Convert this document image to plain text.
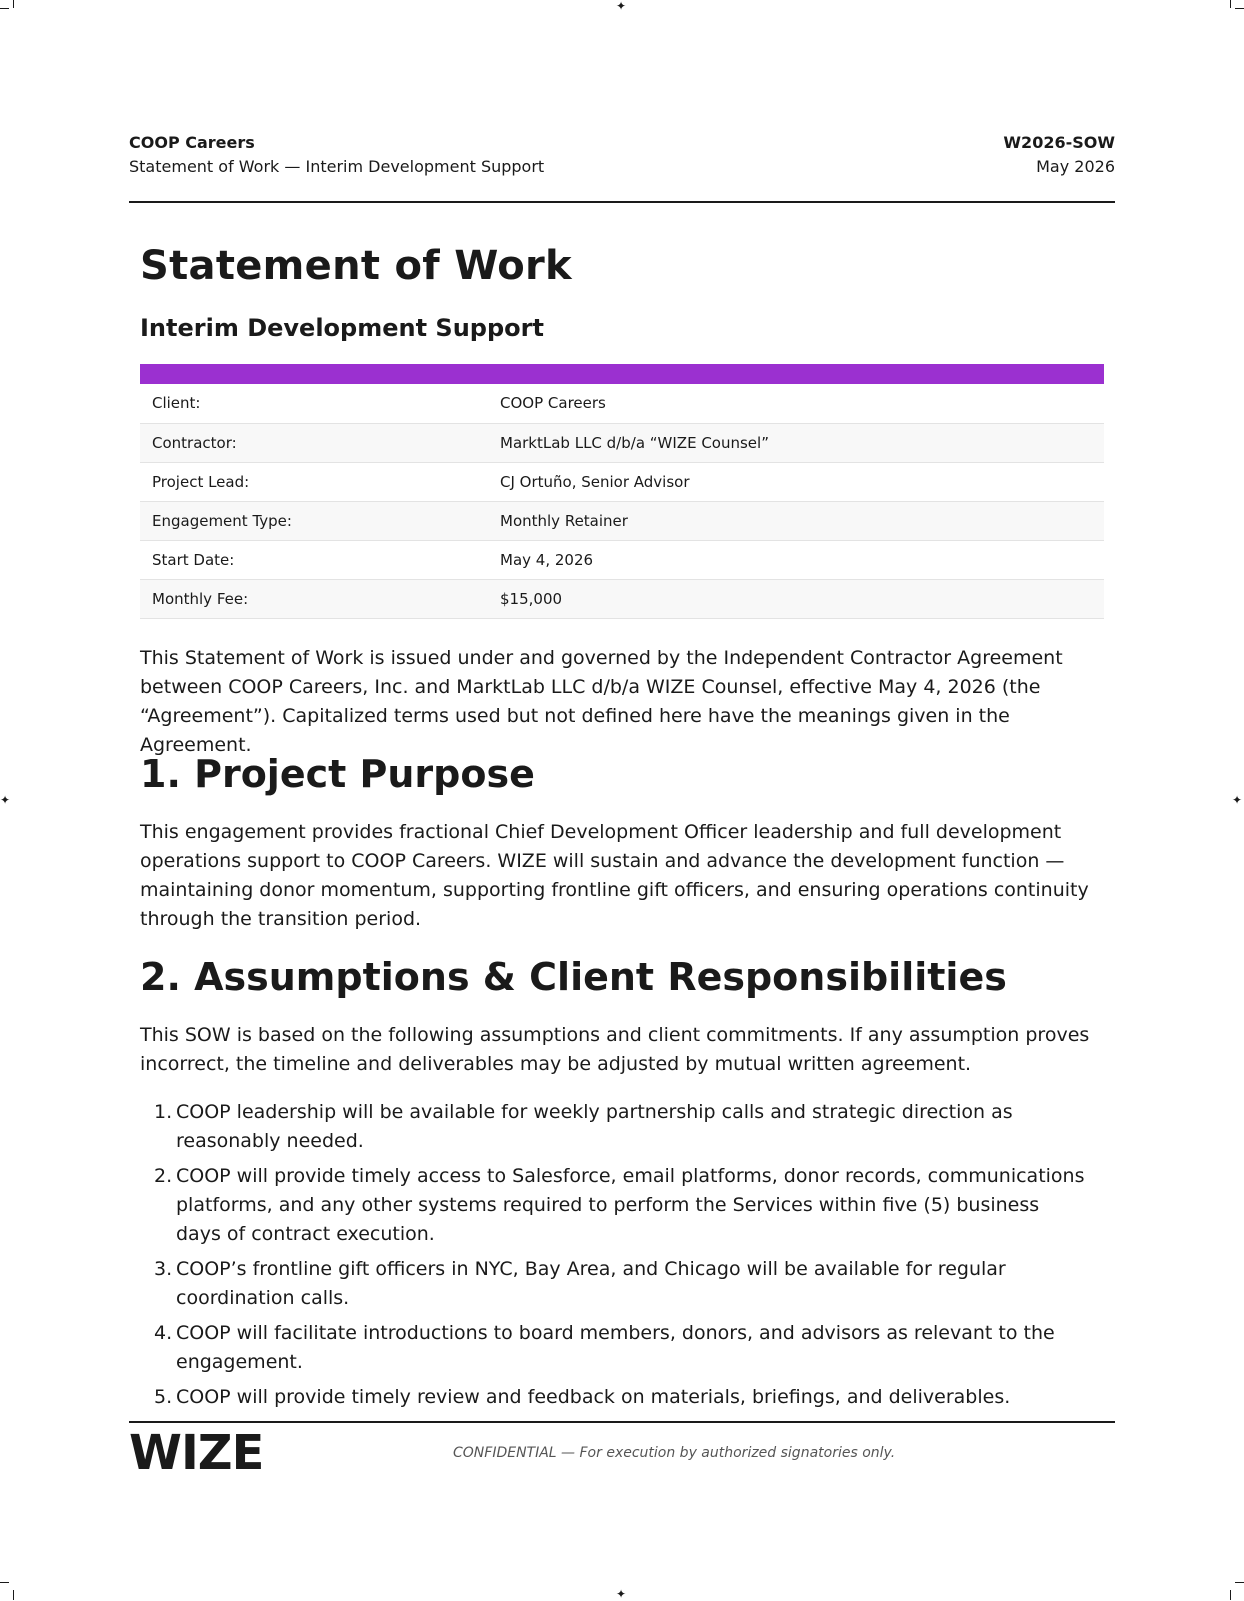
✦
✦
✦	✦
COOP Careers
Statement of Work — Interim Development Support
W2026-SOW
May 2026
Statement of Work
Interim Development Support

Client:	COOP Careers
Contractor:	MarktLab LLC d/b/a “WIZE Counsel”
Project Lead:	CJ Ortuño, Senior Advisor
Engagement Type:	Monthly Retainer
Start Date:	May 4, 2026
Monthly Fee:	$15,000

This Statement of Work is issued under and governed by the Independent Contractor Agreement between COOP Careers, Inc. and MarktLab LLC d/b/a WIZE Counsel, effective May 4, 2026 (the “Agreement”). Capitalized terms used but not defined here have the meanings given in the Agreement.

1. Project Purpose

This engagement provides fractional Chief Development Officer leadership and full development operations support to COOP Careers. WIZE will sustain and advance the development function — maintaining donor momentum, supporting frontline gift officers, and ensuring operations continuity through the transition period.

2. Assumptions & Client Responsibilities

This SOW is based on the following assumptions and client commitments. If any assumption proves incorrect, the timeline and deliverables may be adjusted by mutual written agreement.

1. COOP leadership will be available for weekly partnership calls and strategic direction as reasonably needed.
2. COOP will provide timely access to Salesforce, email platforms, donor records, communications platforms, and any other systems required to perform the Services within five (5) business days of contract execution.
3. COOP’s frontline gift officers in NYC, Bay Area, and Chicago will be available for regular coordination calls.
4. COOP will facilitate introductions to board members, donors, and advisors as relevant to the engagement.
5. COOP will provide timely review and feedback on materials, briefings, and deliverables.
WIZE	CONFIDENTIAL — For execution by authorized signatories only.
